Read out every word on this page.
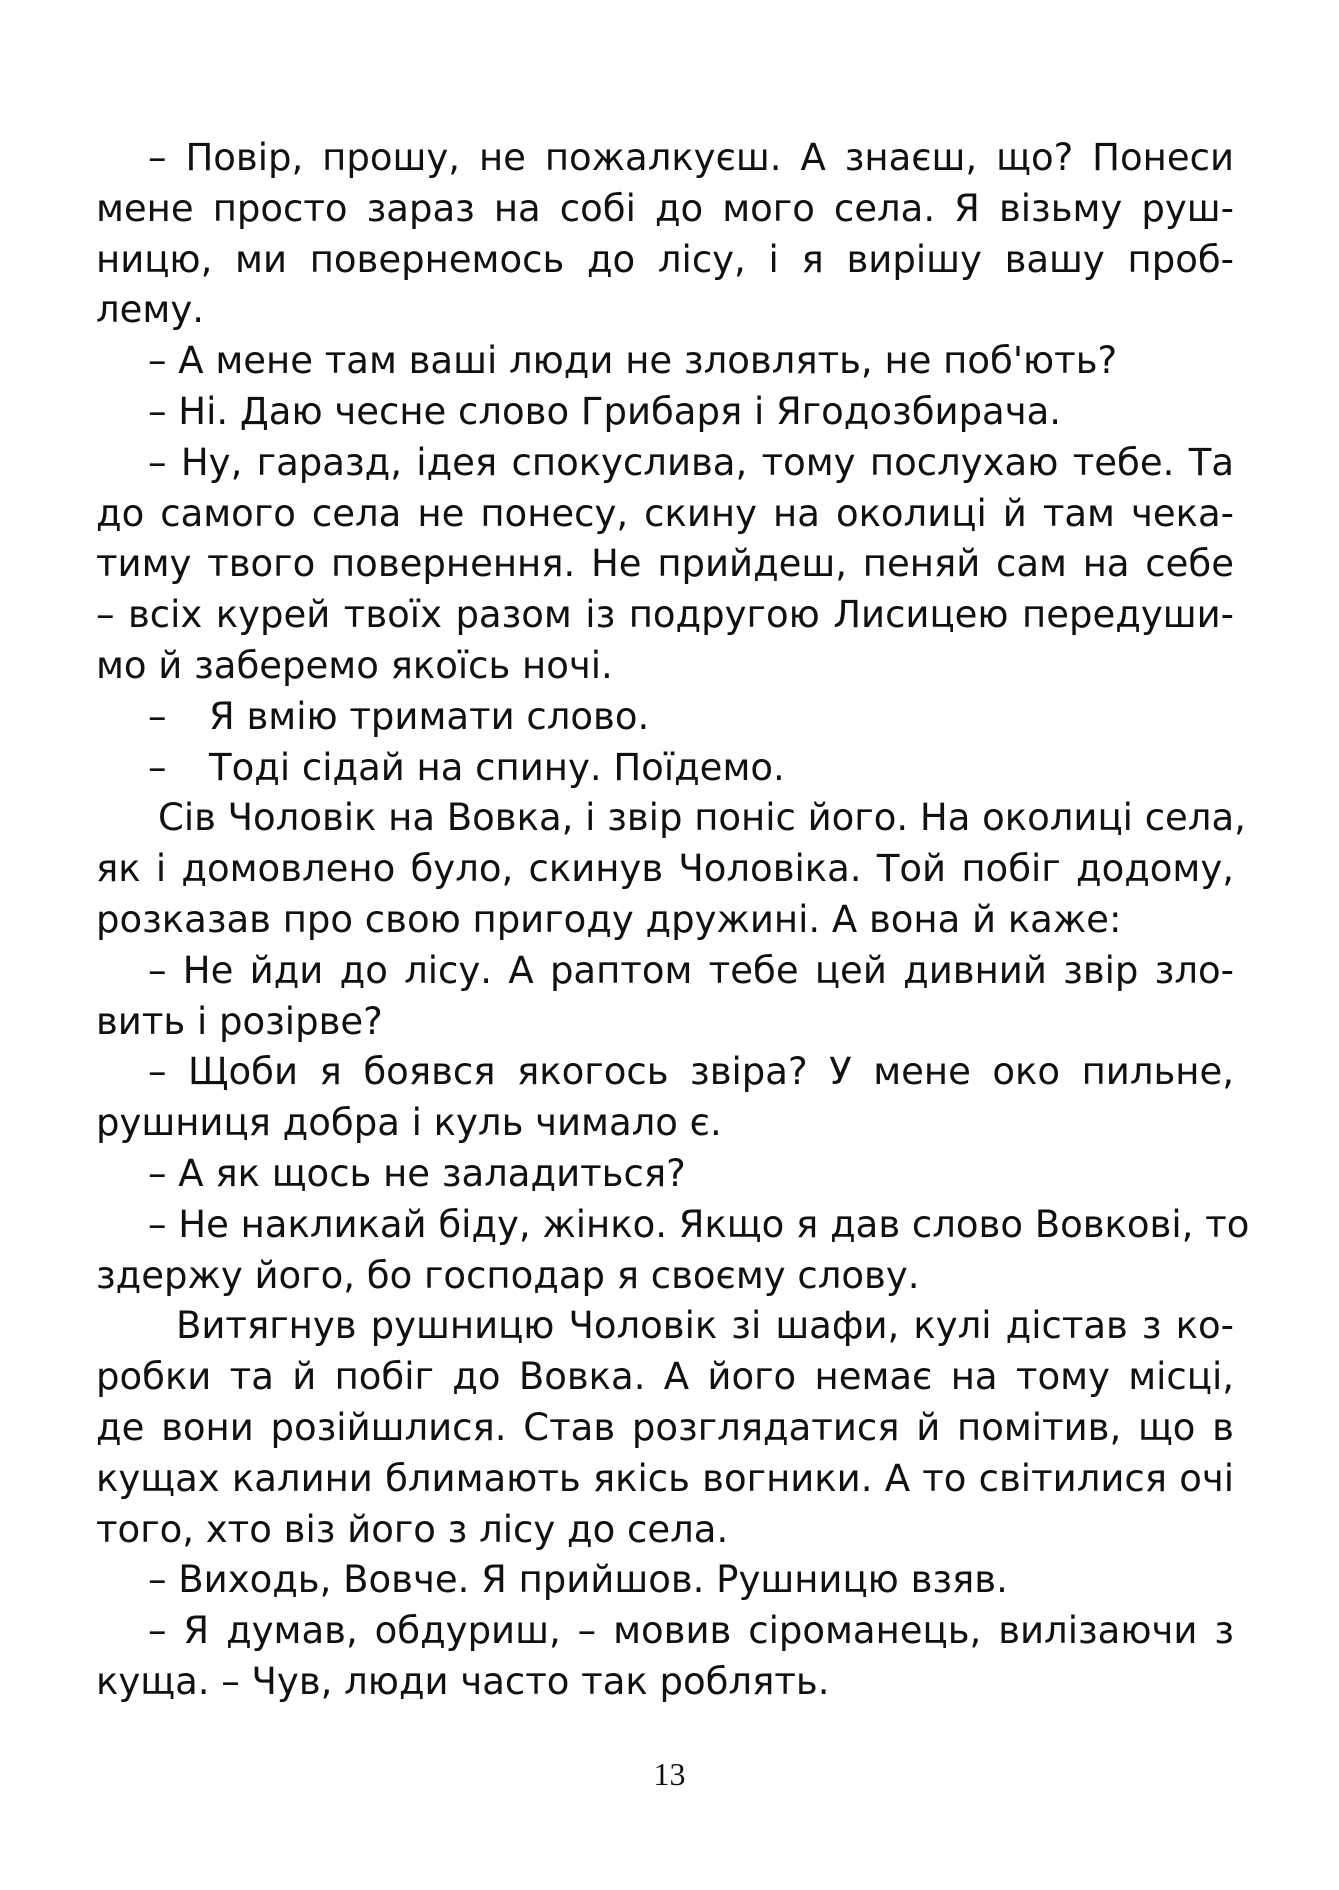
– Повір, прошу, не пожалкуєш. А знаєш, що? Понеси
мене просто зараз на собі до мого села. Я візьму руш-
ницю, ми повернемось до лісу, і я вирішу вашу проб-
лему.
– А мене там ваші люди не зловлять, не поб'ють?
– Ні. Даю чесне слово Грибаря і Ягодозбирача.
– Ну, гаразд, ідея спокуслива, тому послухаю тебе. Та
до самого села не понесу, скину на околиці й там чека-
тиму твого повернення. Не прийдеш, пеняй сам на себе
– всіх курей твоїх разом із подругою Лисицею передуши-
мо й заберемо якоїсь ночі.
– Я вмію тримати слово.
– Тоді сідай на спину. Поїдемо.
Сів Чоловік на Вовка, і звір поніс його. На околиці села,
як і домовлено було, скинув Чоловіка. Той побіг додому,
розказав про свою пригоду дружині. А вона й каже:
– Не йди до лісу. А раптом тебе цей дивний звір зло-
вить і розірве?
– Щоби я боявся якогось звіра? У мене око пильне,
рушниця добра і куль чимало є.
– А як щось не заладиться?
– Не накликай біду, жінко. Якщо я дав слово Вовкові, то
здержу його, бо господар я своєму слову.
Витягнув рушницю Чоловік зі шафи, кулі дістав з ко-
робки та й побіг до Вовка. А його немає на тому місці,
де вони розійшлися. Став розглядатися й помітив, що в
кущах калини блимають якісь вогники. А то світилися очі
того, хто віз його з лісу до села.
– Виходь, Вовче. Я прийшов. Рушницю взяв.
– Я думав, обдуриш, – мовив сіроманець, вилізаючи з
куща. – Чув, люди часто так роблять.
13
